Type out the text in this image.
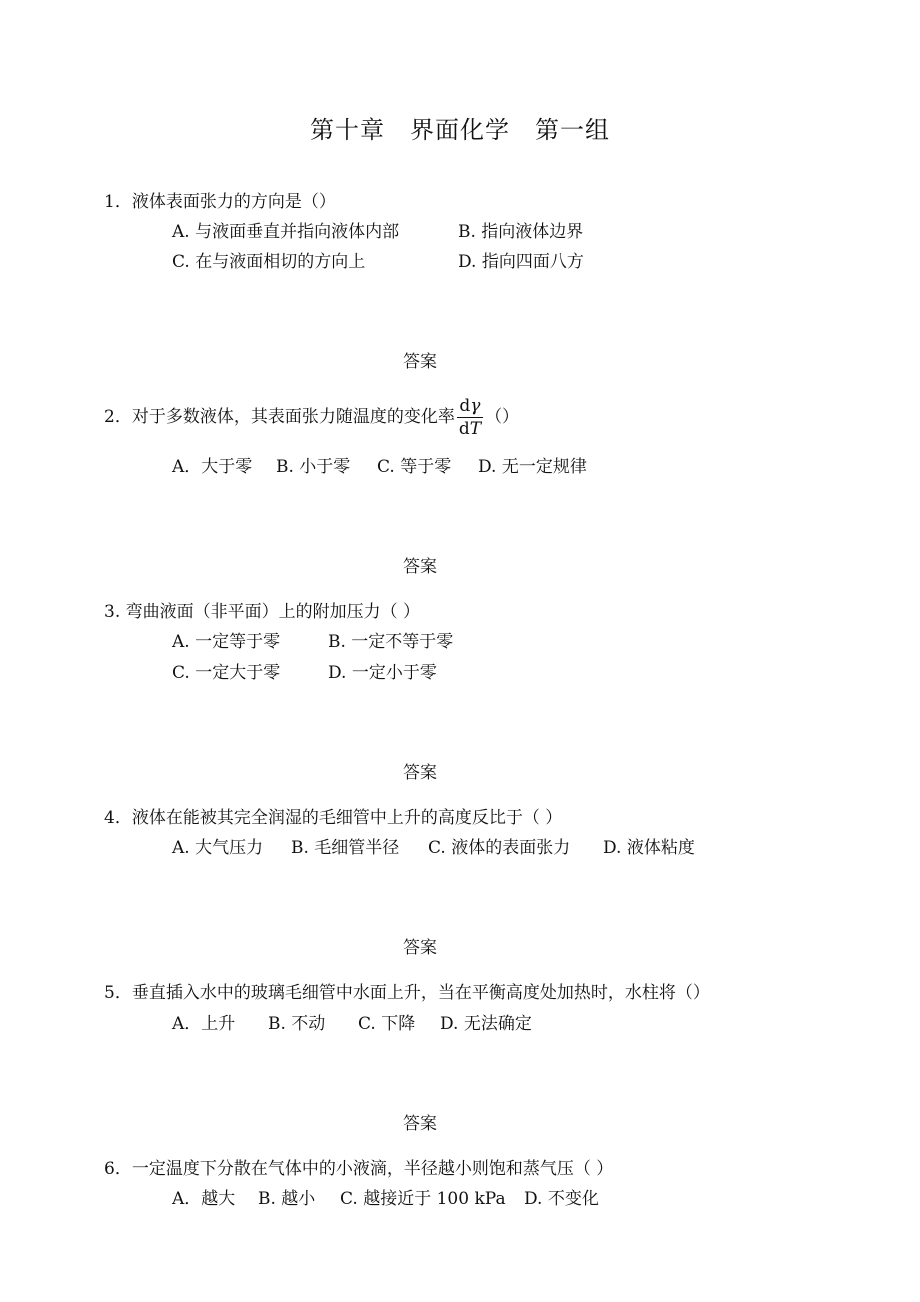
第十章　界面化学　第一组
1．液体表面张力的方向是（）
A. 与液面垂直并指向液体内部	B. 指向液体边界
C. 在与液面相切的方向上	D. 指向四面八方
答案
2．对于多数液体，其表面张力随温度的变化率 $\frac{d\gamma}{dT}$ （）
A．大于零 B. 小于零 C. 等于零 D. 无一定规律
答案
3. 弯曲液面（非平面）上的附加压力（ ）
A. 一定等于零	B. 一定不等于零
C. 一定大于零	D. 一定小于零
答案
4．液体在能被其完全润湿的毛细管中上升的高度反比于（ ）
A. 大气压力 B. 毛细管半径 C. 液体的表面张力 D. 液体粘度
答案
5．垂直插入水中的玻璃毛细管中水面上升，当在平衡高度处加热时，水柱将（）
A．上升 B. 不动 C. 下降 D. 无法确定
答案
6．一定温度下分散在气体中的小液滴，半径越小则饱和蒸气压（ ）
A．越大 B. 越小 C. 越接近于 100 kPa D. 不变化
